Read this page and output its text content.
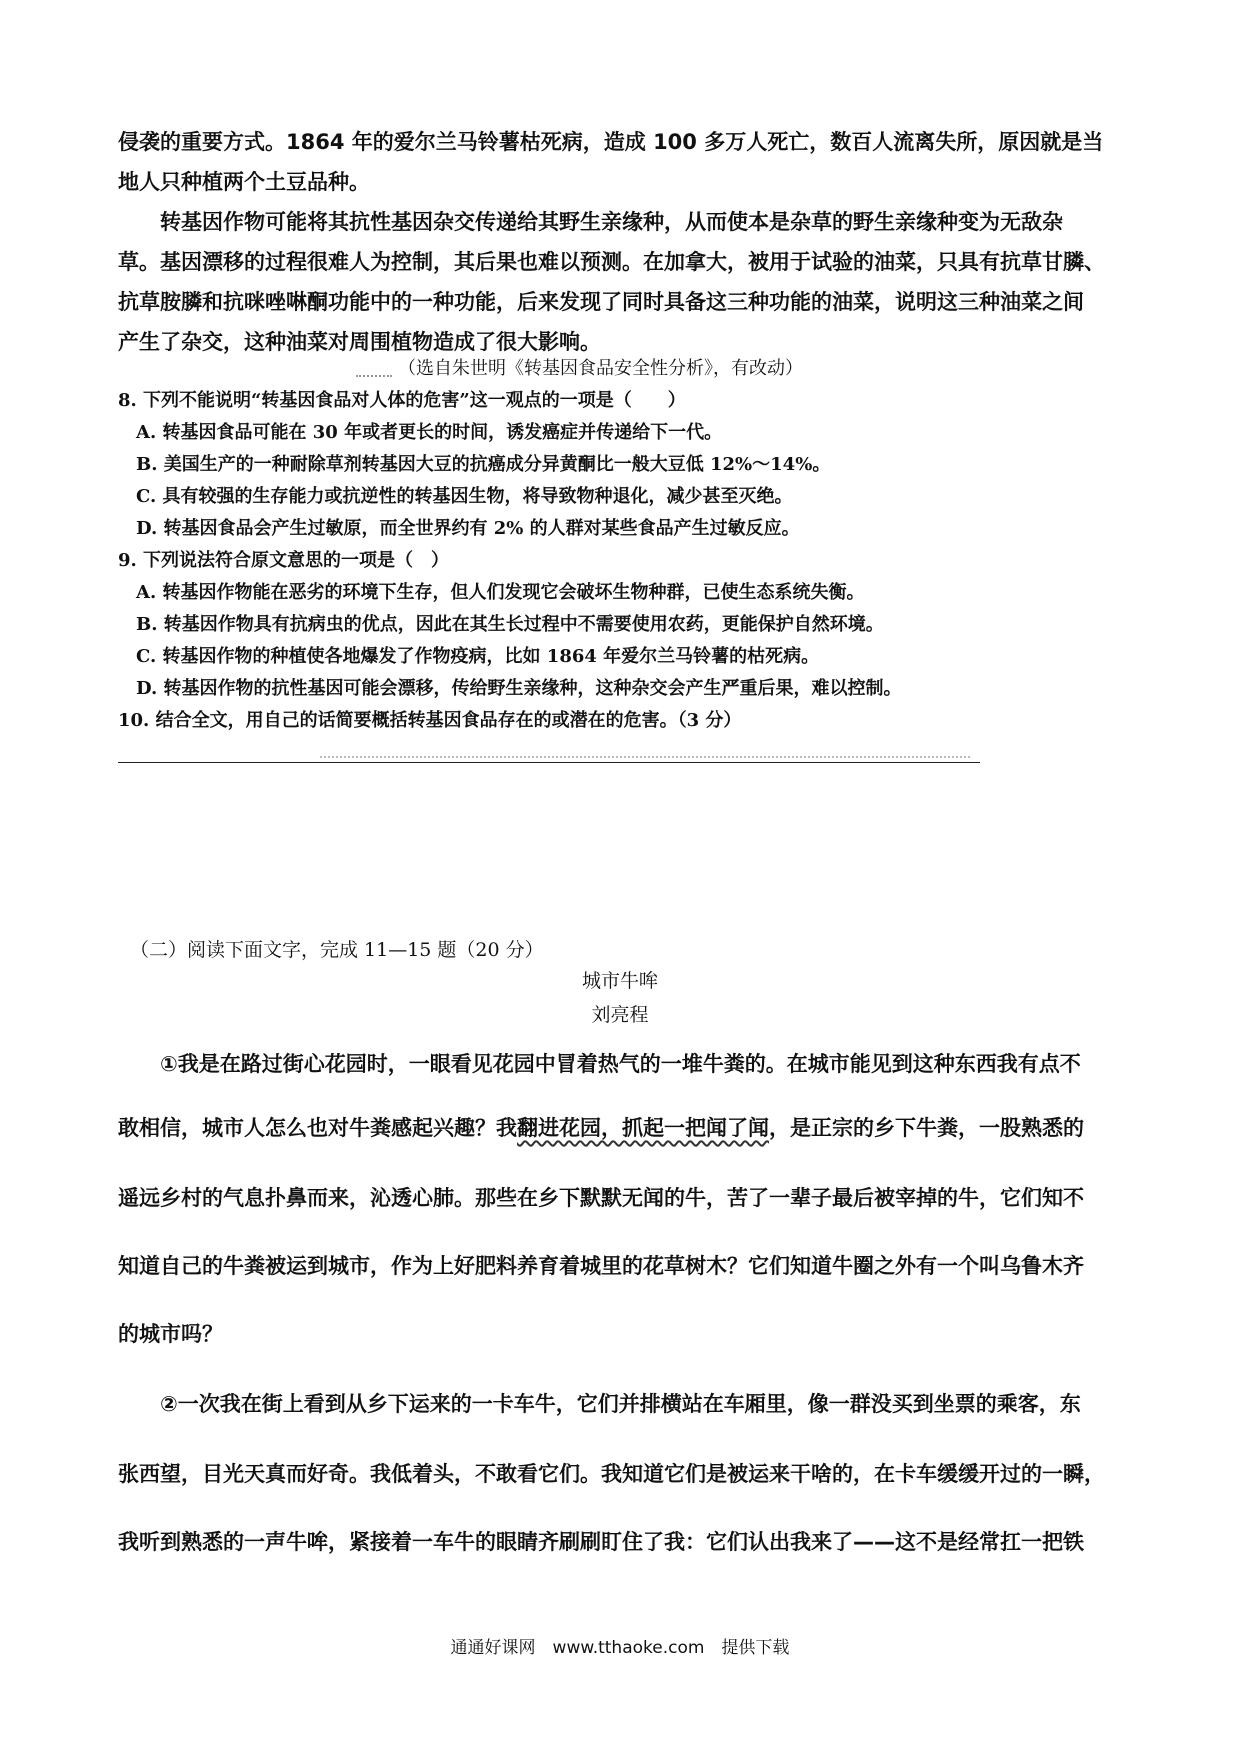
侵袭的重要方式。1864 年的爱尔兰马铃薯枯死病，造成 100 多万人死亡，数百人流离失所，原因就是当
地人只种植两个土豆品种。
　　转基因作物可能将其抗性基因杂交传递给其野生亲缘种，从而使本是杂草的野生亲缘种变为无敌杂
草。基因漂移的过程很难人为控制，其后果也难以预测。在加拿大，被用于试验的油菜，只具有抗草甘膦、
抗草胺膦和抗咪唑啉酮功能中的一种功能，后来发现了同时具备这三种功能的油菜，说明这三种油菜之间
产生了杂交，这种油菜对周围植物造成了很大影响。
（选自朱世明《转基因食品安全性分析》，有改动）
8. 下列不能说明“转基因食品对人体的危害”这一观点的一项是（　　）
A. 转基因食品可能在 30 年或者更长的时间，诱发癌症并传递给下一代。
B. 美国生产的一种耐除草剂转基因大豆的抗癌成分异黄酮比一般大豆低 12%～14%。
C. 具有较强的生存能力或抗逆性的转基因生物，将导致物种退化，减少甚至灭绝。
D. 转基因食品会产生过敏原，而全世界约有 2% 的人群对某些食品产生过敏反应。
9. 下列说法符合原文意思的一项是（　）
A. 转基因作物能在恶劣的环境下生存，但人们发现它会破坏生物种群，已使生态系统失衡。
B. 转基因作物具有抗病虫的优点，因此在其生长过程中不需要使用农药，更能保护自然环境。
C. 转基因作物的种植使各地爆发了作物疫病，比如 1864 年爱尔兰马铃薯的枯死病。
D. 转基因作物的抗性基因可能会漂移，传给野生亲缘种，这种杂交会产生严重后果，难以控制。
10. 结合全文，用自己的话简要概括转基因食品存在的或潜在的危害。（3 分）
（二）阅读下面文字，完成 11—15 题（20 分）
城市牛哞
刘亮程
　　①我是在路过街心花园时，一眼看见花园中冒着热气的一堆牛粪的。在城市能见到这种东西我有点不
敢相信，城市人怎么也对牛粪感起兴趣？我翻进花园，抓起一把闻了闻，是正宗的乡下牛粪，一股熟悉的
遥远乡村的气息扑鼻而来，沁透心肺。那些在乡下默默无闻的牛，苦了一辈子最后被宰掉的牛，它们知不
知道自己的牛粪被运到城市，作为上好肥料养育着城里的花草树木？它们知道牛圈之外有一个叫乌鲁木齐
的城市吗？
　　②一次我在街上看到从乡下运来的一卡车牛，它们并排横站在车厢里，像一群没买到坐票的乘客，东
张西望，目光天真而好奇。我低着头，不敢看它们。我知道它们是被运来干啥的，在卡车缓缓开过的一瞬，
我听到熟悉的一声牛哞，紧接着一车牛的眼睛齐刷刷盯住了我：它们认出我来了——这不是经常扛一把铁
通通好课网　www.tthaoke.com　提供下载
